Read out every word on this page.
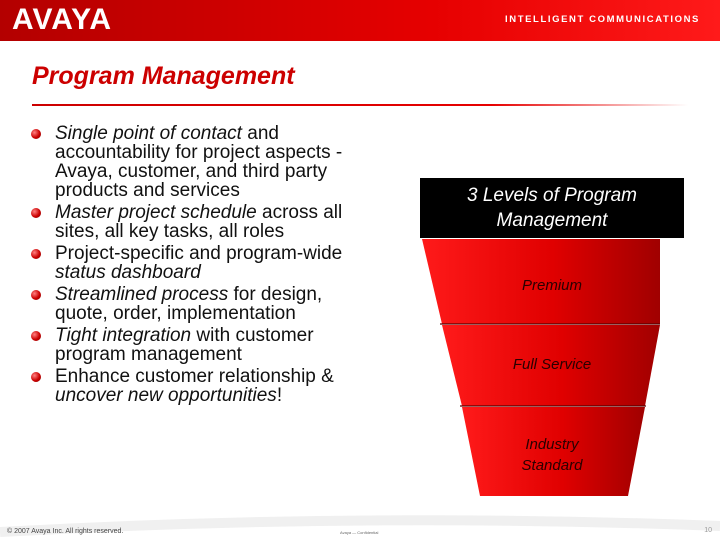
AVAYA	INTELLIGENT COMMUNICATIONS
Program Management
Single point of contact and accountability for project aspects - Avaya, customer, and third party products and services
Master project schedule across all sites, all key tasks, all roles
Project-specific and program-wide status dashboard
Streamlined process for design, quote, order, implementation
Tight integration with customer program management
Enhance customer relationship & uncover new opportunities!
3 Levels of Program
Management
Premium
Full Service
Industry
Standard
© 2007 Avaya Inc. All rights reserved.	Avaya — Confidential	10
